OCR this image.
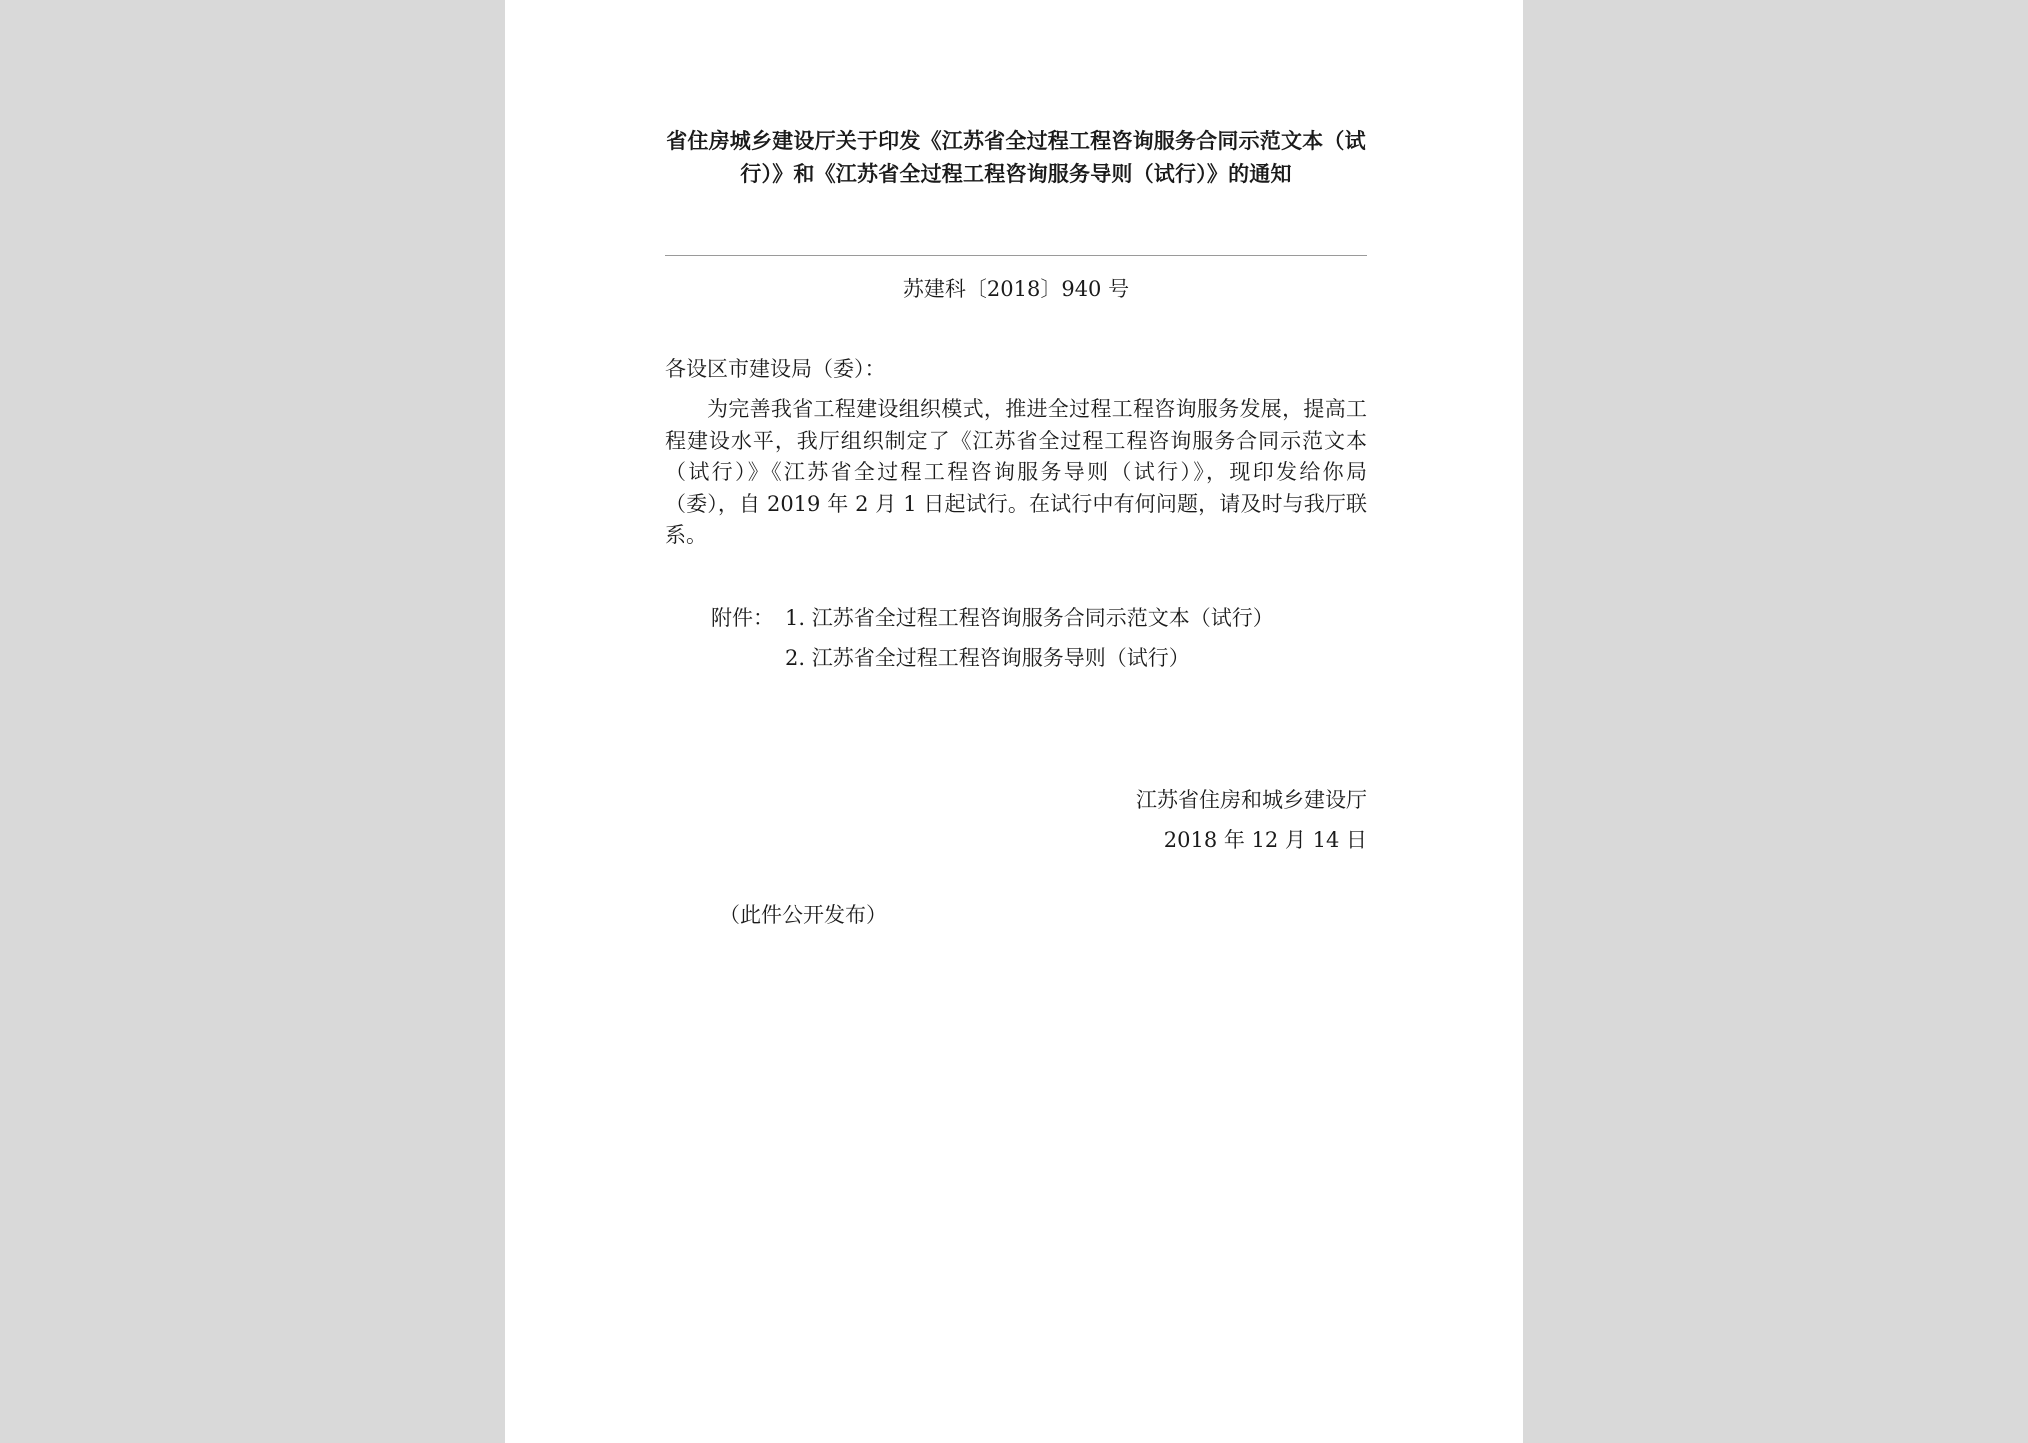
省住房城乡建设厅关于印发《江苏省全过程工程咨询服务合同示范文本（试行）》和《江苏省全过程工程咨询服务导则（试行）》的通知
苏建科〔2018〕940 号
各设区市建设局（委）：
为完善我省工程建设组织模式，推进全过程工程咨询服务发展，提高工程建设水平，我厅组织制定了《江苏省全过程工程咨询服务合同示范文本（试行）》《江苏省全过程工程咨询服务导则（试行）》，现印发给你局（委），自 2019 年 2 月 1 日起试行。在试行中有何问题，请及时与我厅联系。
附件： 1. 江苏省全过程工程咨询服务合同示范文本（试行）
2. 江苏省全过程工程咨询服务导则（试行）
江苏省住房和城乡建设厅
2018 年 12 月 14 日
（此件公开发布）
